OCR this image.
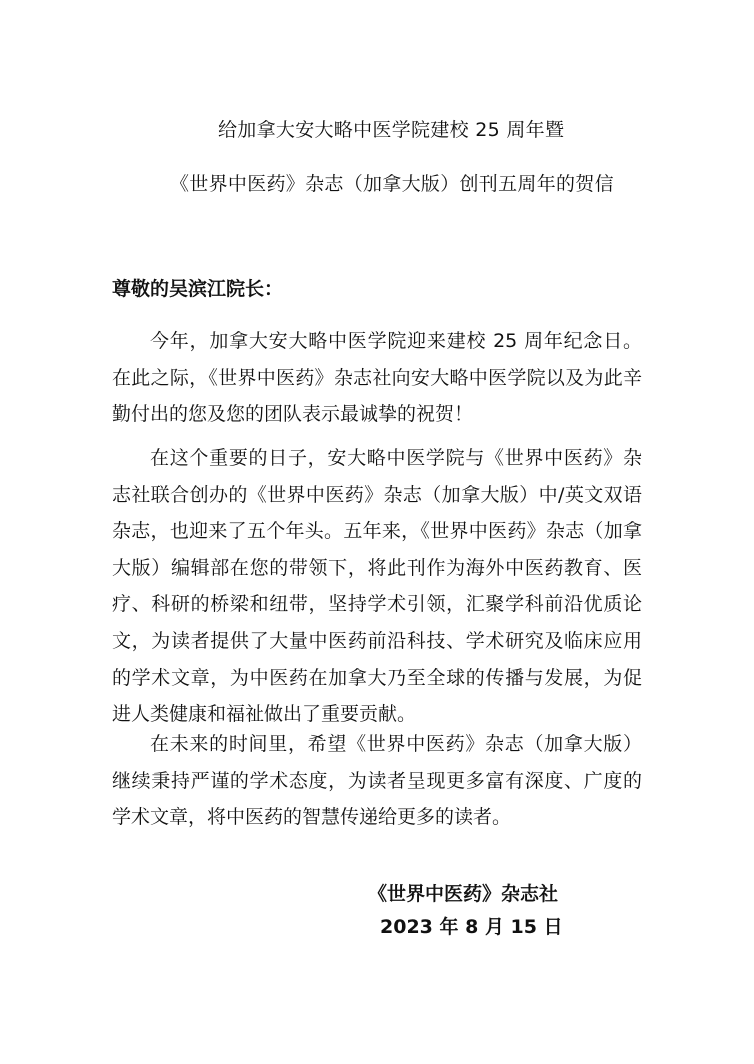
给加拿大安大略中医学院建校 25 周年暨
《世界中医药》杂志（加拿大版）创刊五周年的贺信
尊敬的吴滨江院长：

今年，加拿大安大略中医学院迎来建校 25 周年纪念日。在此之际，《世界中医药》杂志社向安大略中医学院以及为此辛勤付出的您及您的团队表示最诚挚的祝贺！

在这个重要的日子，安大略中医学院与《世界中医药》杂志社联合创办的《世界中医药》杂志（加拿大版）中/英文双语杂志，也迎来了五个年头。五年来，《世界中医药》杂志（加拿大版）编辑部在您的带领下，将此刊作为海外中医药教育、医疗、科研的桥梁和纽带，坚持学术引领，汇聚学科前沿优质论文，为读者提供了大量中医药前沿科技、学术研究及临床应用的学术文章，为中医药在加拿大乃至全球的传播与发展，为促进人类健康和福祉做出了重要贡献。

在未来的时间里，希望《世界中医药》杂志（加拿大版）继续秉持严谨的学术态度，为读者呈现更多富有深度、广度的学术文章，将中医药的智慧传递给更多的读者。

《世界中医药》杂志社
2023 年 8 月 15 日
